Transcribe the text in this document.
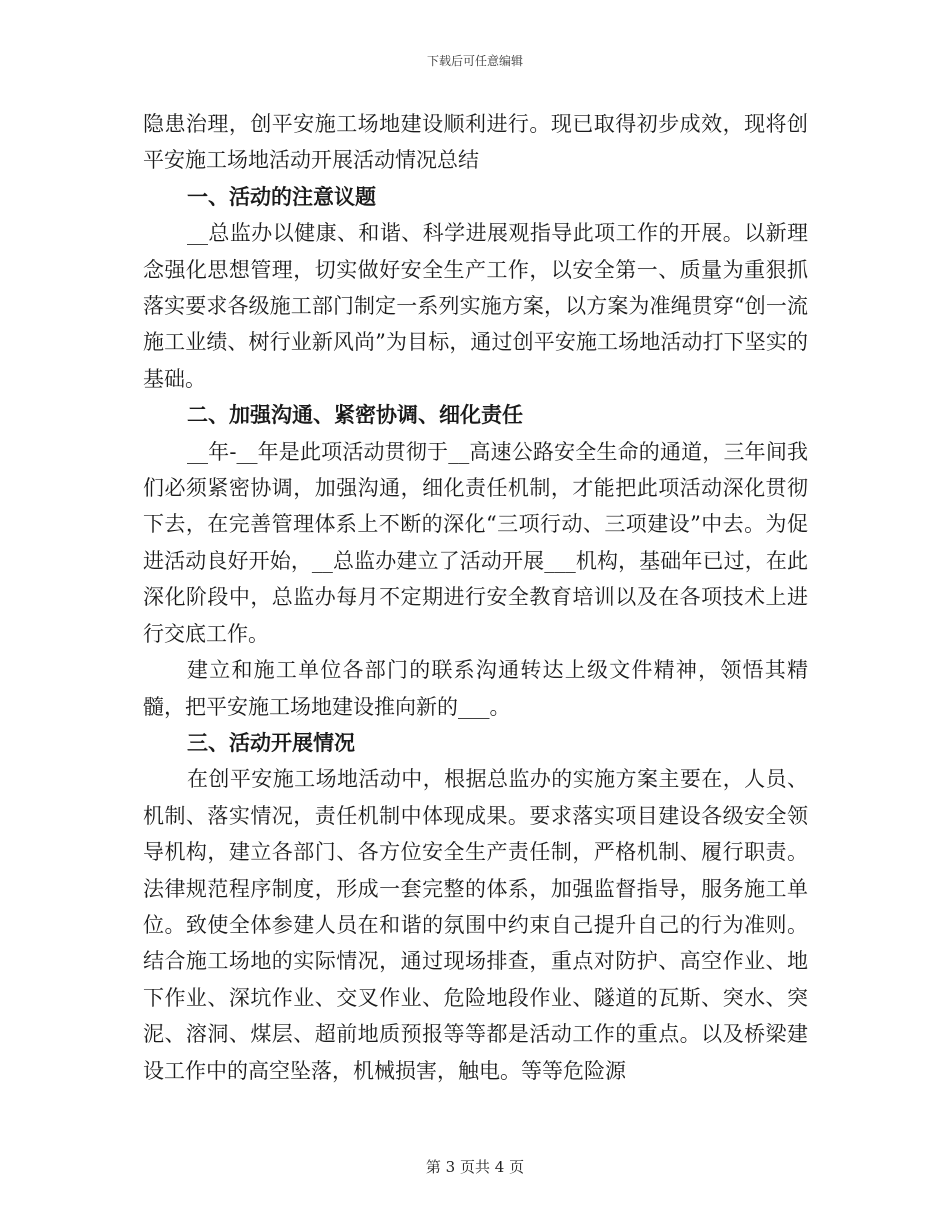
下载后可任意编辑

隐患治理，创平安施工场地建设顺利进行。现已取得初步成效，现将创平安施工场地活动开展活动情况总结

一、活动的注意议题

__总监办以健康、和谐、科学进展观指导此项工作的开展。以新理念强化思想管理，切实做好安全生产工作，以安全第一、质量为重狠抓落实要求各级施工部门制定一系列实施方案，以方案为准绳贯穿“创一流施工业绩、树行业新风尚”为目标，通过创平安施工场地活动打下坚实的基础。

二、加强沟通、紧密协调、细化责任

__年-__年是此项活动贯彻于__高速公路安全生命的通道，三年间我们必须紧密协调，加强沟通，细化责任机制，才能把此项活动深化贯彻下去，在完善管理体系上不断的深化“三项行动、三项建设”中去。为促进活动良好开始，__总监办建立了活动开展___机构，基础年已过，在此深化阶段中，总监办每月不定期进行安全教育培训以及在各项技术上进行交底工作。

建立和施工单位各部门的联系沟通转达上级文件精神，领悟其精髓，把平安施工场地建设推向新的___。

三、活动开展情况

在创平安施工场地活动中，根据总监办的实施方案主要在，人员、机制、落实情况，责任机制中体现成果。要求落实项目建设各级安全领导机构，建立各部门、各方位安全生产责任制，严格机制、履行职责。法律规范程序制度，形成一套完整的体系，加强监督指导，服务施工单位。致使全体参建人员在和谐的氛围中约束自己提升自己的行为准则。结合施工场地的实际情况，通过现场排查，重点对防护、高空作业、地下作业、深坑作业、交叉作业、危险地段作业、隧道的瓦斯、突水、突泥、溶洞、煤层、超前地质预报等等都是活动工作的重点。以及桥梁建设工作中的高空坠落，机械损害，触电。等等危险源

第 3 页共 4 页
